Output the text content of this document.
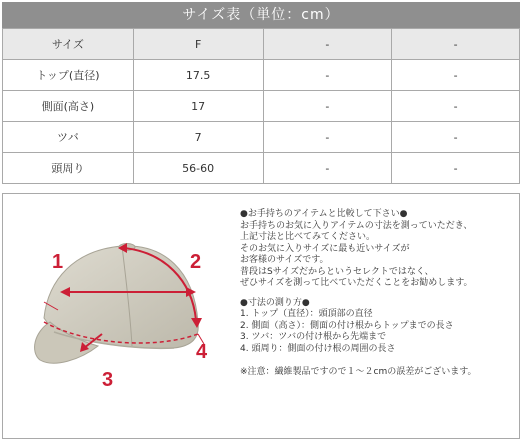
サイズ表（単位：cm）
サイズ	F	-	-
トップ(直径)	17.5	-	-
側面(高さ)	17	-	-
ツバ	7	-	-
頭周り	56-60	-	-
1	2
3
4

●お手持ちのアイテムと比較して下さい●

お手持ちのお気に入りアイテムの寸法を測っていただき、

上記寸法と比べてみてください。

そのお気に入りサイズに最も近いサイズが

お客様のサイズです。

普段はSサイズだからというセレクトではなく、

ぜひサイズを測って比べていただくことをお勧めします。

●寸法の測り方●

1. トップ（直径）：頭頂部の直径

2. 側面（高さ）：側面の付け根からトップまでの長さ

3. ツバ：ツバの付け根から先端まで

4. 頭周り：側面の付け根の周囲の長さ

※注意：繊維製品ですので１〜２cmの誤差がございます。
